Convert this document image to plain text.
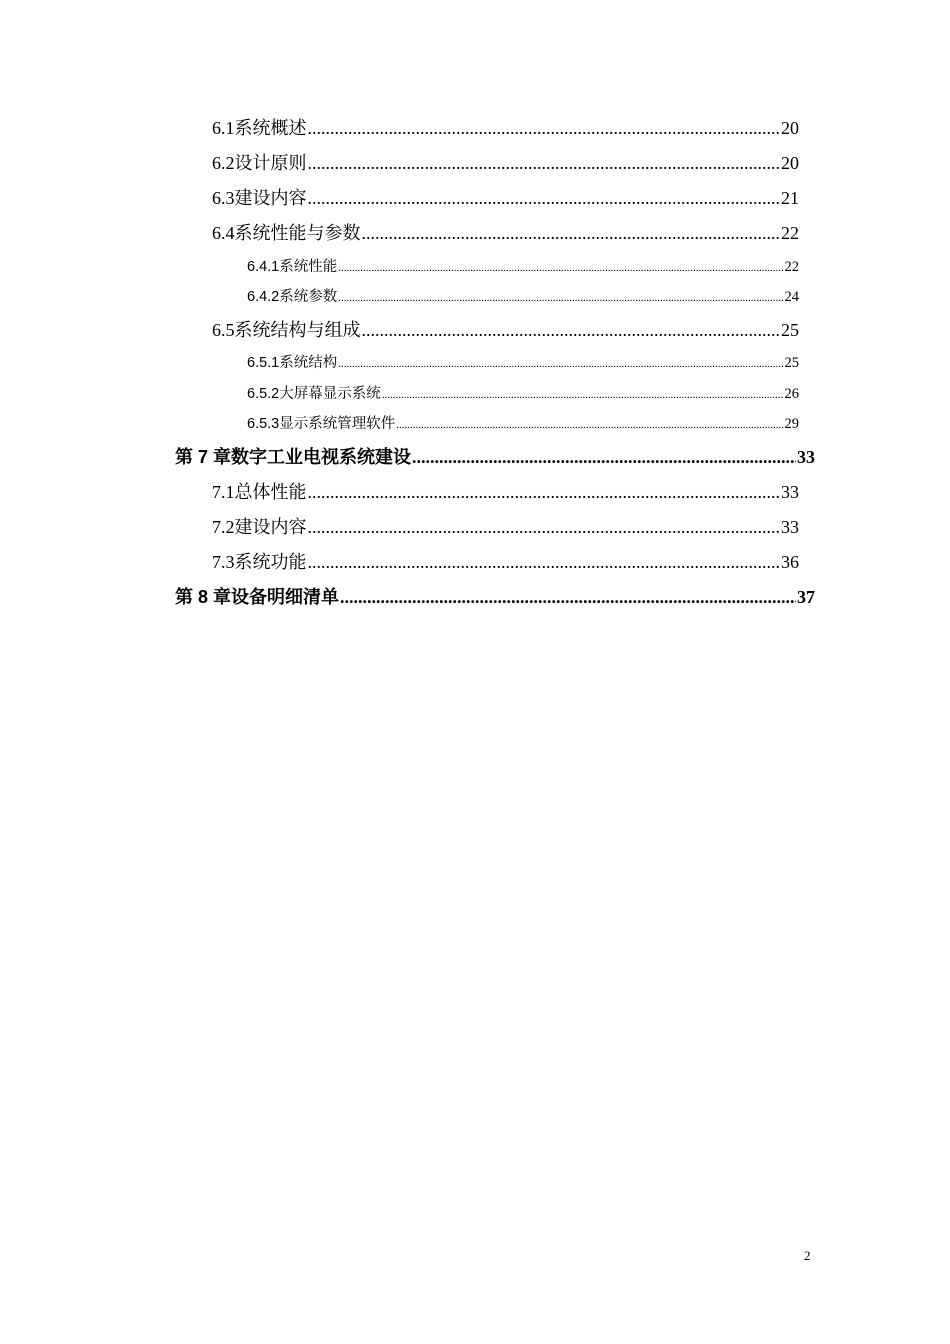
6.1 系统概述 .....	20
6.2 设计原则 .....	20
6.3 建设内容 .....	21
6.4 系统性能与参数 .....	22
6.4.1 系统性能 .....	22
6.4.2 系统参数 .....	24
6.5 系统结构与组成 .....	25
6.5.1 系统结构 .....	25
6.5.2 大屏幕显示系统 .....	26
6.5.3 显示系统管理软件 .....	29
第 7 章 数字工业电视系统建设 .....	33
7.1 总体性能 .....	33
7.2 建设内容 .....	33
7.3 系统功能 .....	36
第 8 章 设备明细清单 .....	37
2
